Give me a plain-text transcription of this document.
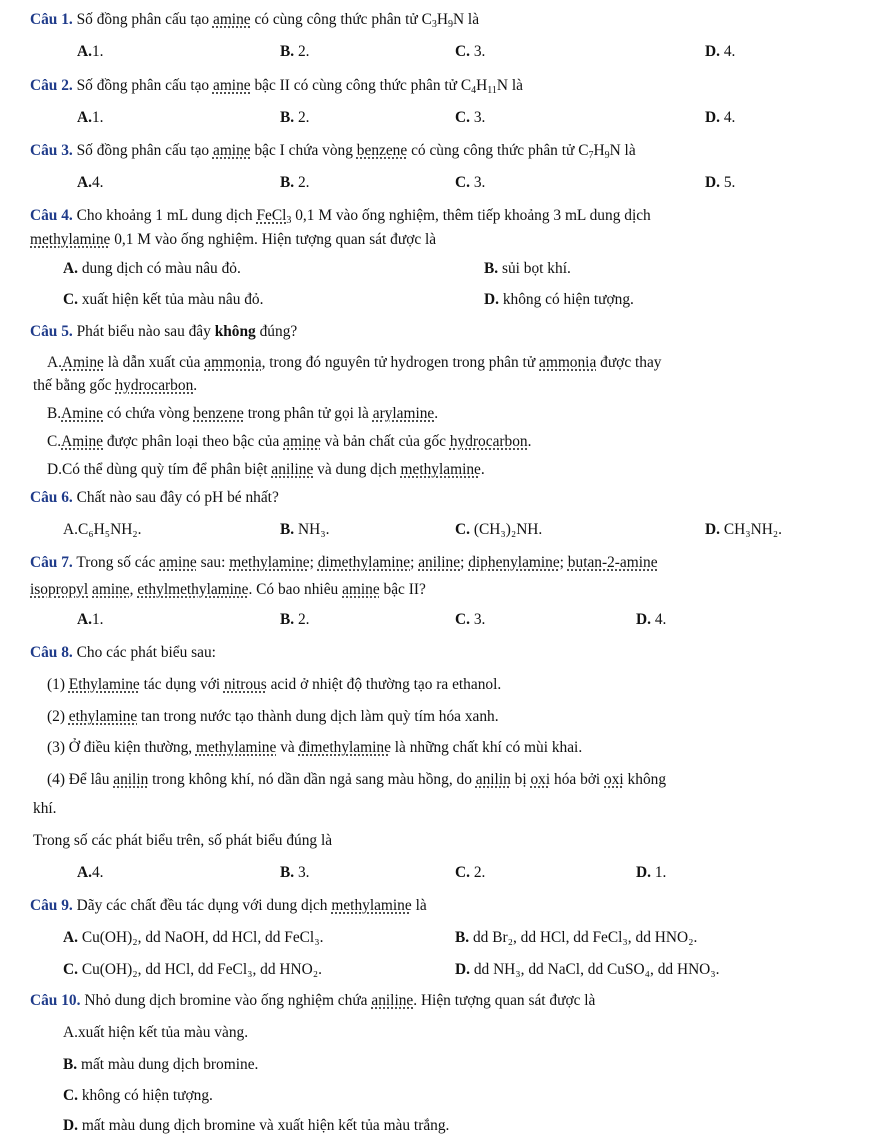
Câu 1. Số đồng phân cấu tạo amine có cùng công thức phân tử $C_3H_9N$ là
A.1.	B. 2.	C. 3.	D. 4.
Câu 2. Số đồng phân cấu tạo amine bậc II có cùng công thức phân tử $C_4H_{11}N$ là
A.1.	B. 2.	C. 3.	D. 4.
Câu 3. Số đồng phân cấu tạo amine bậc I chứa vòng benzene có cùng công thức phân tử $C_7H_9N$ là
A.4.	B. 2.	C. 3.	D. 5.
Câu 4. Cho khoảng 1 mL dung dịch FeCl$_3$ 0,1 M vào ống nghiệm, thêm tiếp khoảng 3 mL dung dịch
methylamine 0,1 M vào ống nghiệm. Hiện tượng quan sát được là
A. dung dịch có màu nâu đỏ.	B. sủi bọt khí.
C. xuất hiện kết tủa màu nâu đỏ.	D. không có hiện tượng.
Câu 5. Phát biểu nào sau đây không đúng?
A.Amine là dẫn xuất của ammonia, trong đó nguyên tử hydrogen trong phân tử ammonia được thay
thế bằng gốc hydrocarbon.
B.Amine có chứa vòng benzene trong phân tử gọi là arylamine.
C.Amine được phân loại theo bậc của amine và bản chất của gốc hydrocarbon.
D.Có thể dùng quỳ tím để phân biệt aniline và dung dịch methylamine.
Câu 6. Chất nào sau đây có pH bé nhất?
A.C₆H₅NH₂.	B. NH₃.	C. (CH₃)₂NH.	D. CH₃NH₂.
Câu 7. Trong số các amine sau: methylamine; dimethylamine; aniline; diphenylamine; butan-2-amine
isopropyl amine, ethylmethylamine. Có bao nhiêu amine bậc II?
A.1.	B. 2.	C. 3.	D. 4.
Câu 8. Cho các phát biểu sau:
(1) Ethylamine tác dụng với nitrous acid ở nhiệt độ thường tạo ra ethanol.
(2) ethylamine tan trong nước tạo thành dung dịch làm quỳ tím hóa xanh.
(3) Ở điều kiện thường, methylamine và đimethylamine là những chất khí có mùi khai.
(4) Để lâu anilin trong không khí, nó dần dần ngả sang màu hồng, do anilin bị oxi hóa bởi oxi không
khí.
Trong số các phát biểu trên, số phát biểu đúng là
A.4.	B. 3.	C. 2.	D. 1.
Câu 9. Dãy các chất đều tác dụng với dung dịch methylamine là
A. Cu(OH)₂, dd NaOH, dd HCl, dd FeCl₃.	B. dd Br₂, dd HCl, dd FeCl₃, dd HNO₂.
C. Cu(OH)₂, dd HCl, dd FeCl₃, dd HNO₂.	D. dd NH₃, dd NaCl, dd CuSO₄, dd HNO₃.
Câu 10. Nhỏ dung dịch bromine vào ống nghiệm chứa aniline. Hiện tượng quan sát được là
A.xuất hiện kết tủa màu vàng.
B. mất màu dung dịch bromine.
C. không có hiện tượng.
D. mất màu dung dịch bromine và xuất hiện kết tủa màu trắng.
